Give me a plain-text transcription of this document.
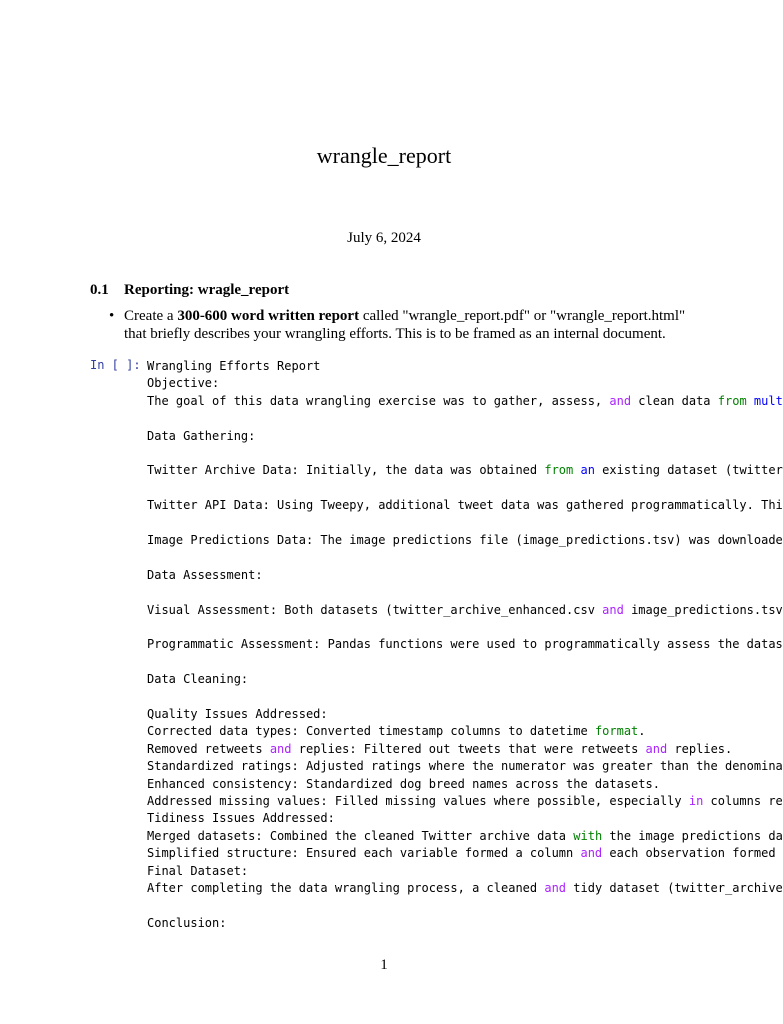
wrangle_report
July 6, 2024
0.1 Reporting: wragle_report
• Create a 300-600 word written report called "wrangle_report.pdf" or "wrangle_report.html"
that briefly describes your wrangling efforts. This is to be framed as an internal document.
In [ ]: Wrangling Efforts Report
Objective:
The goal of this data wrangling exercise was to gather, assess, and clean data from mult
Data Gathering:
Twitter Archive Data: Initially, the data was obtained from an existing dataset (twitter
Twitter API Data: Using Tweepy, additional tweet data was gathered programmatically. Thi
Image Predictions Data: The image predictions file (image_predictions.tsv) was downloade
Data Assessment:
Visual Assessment: Both datasets (twitter_archive_enhanced.csv and image_predictions.tsv
Programmatic Assessment: Pandas functions were used to programmatically assess the datas
Data Cleaning:
Quality Issues Addressed:
Corrected data types: Converted timestamp columns to datetime format.
Removed retweets and replies: Filtered out tweets that were retweets and replies.
Standardized ratings: Adjusted ratings where the numerator was greater than the denomina
Enhanced consistency: Standardized dog breed names across the datasets.
Addressed missing values: Filled missing values where possible, especially in columns re
Tidiness Issues Addressed:
Merged datasets: Combined the cleaned Twitter archive data with the image predictions da
Simplified structure: Ensured each variable formed a column and each observation formed
Final Dataset:
After completing the data wrangling process, a cleaned and tidy dataset (twitter_archive
Conclusion:
1
